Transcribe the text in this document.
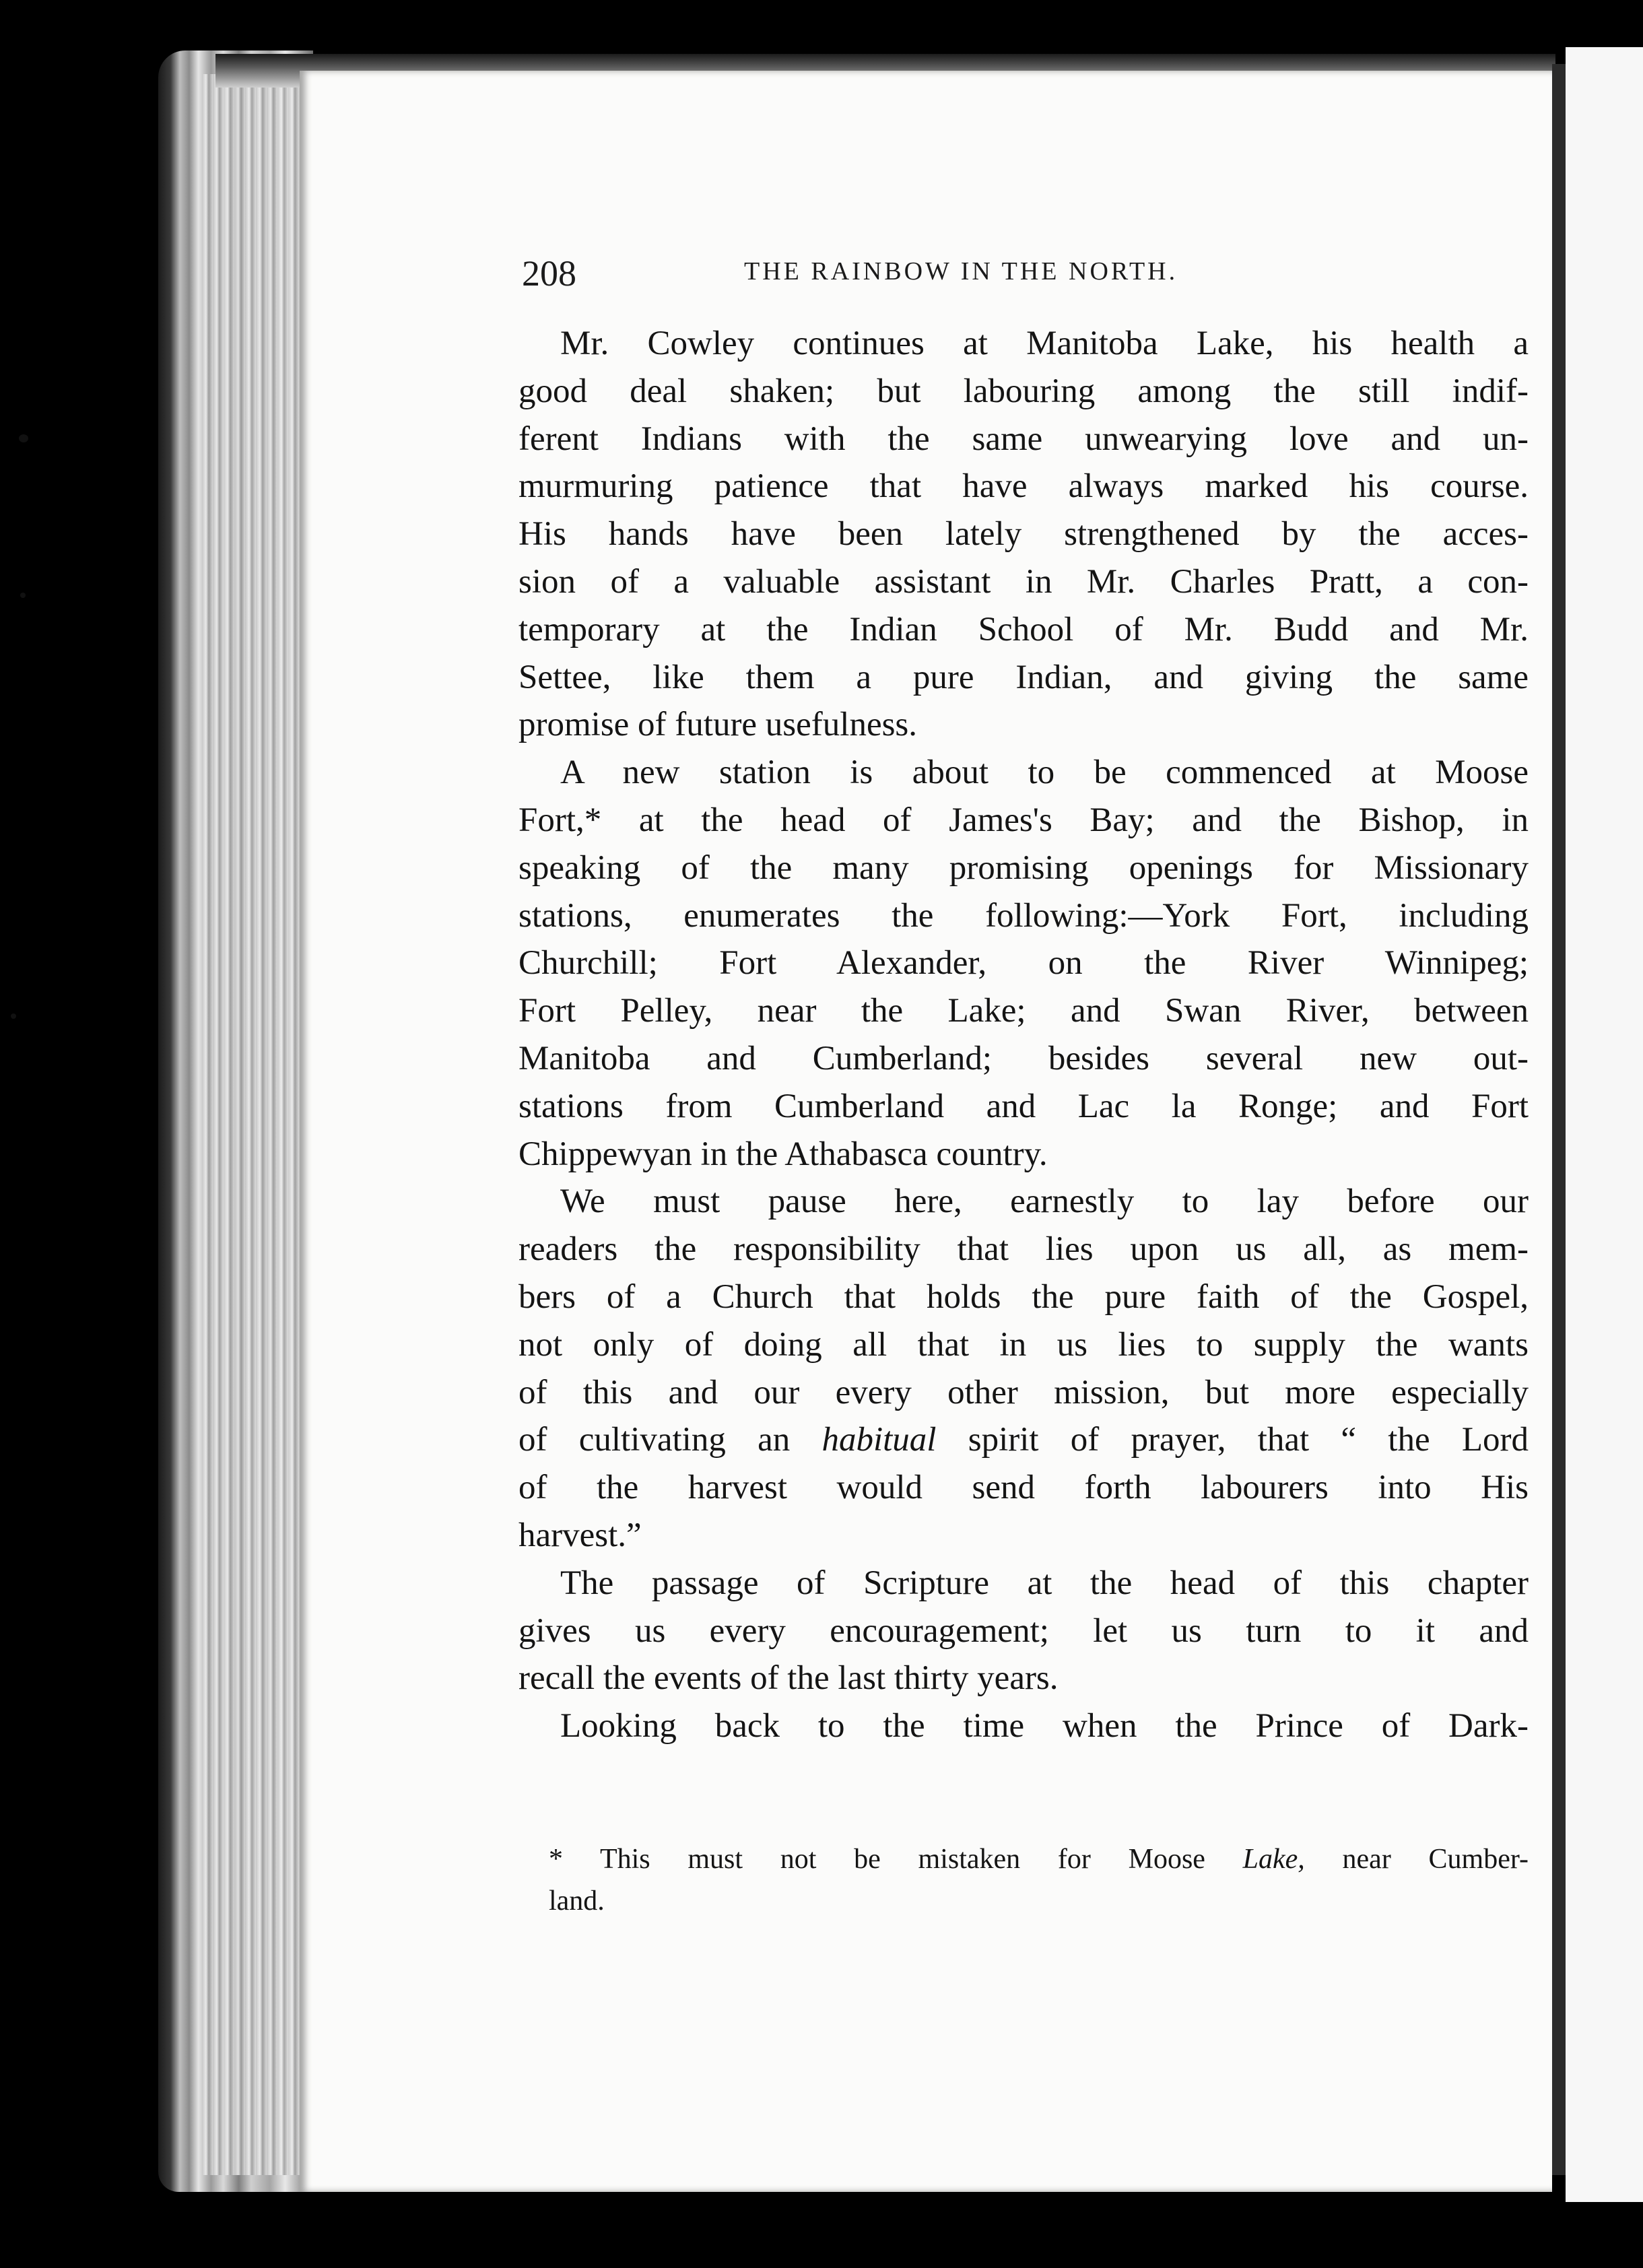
208	THE RAINBOW IN THE NORTH.

Mr. Cowley continues at Manitoba Lake, his health a
good deal shaken; but labouring among the still indif-
ferent Indians with the same unwearying love and un-
murmuring patience that have always marked his course.
His hands have been lately strengthened by the acces-
sion of a valuable assistant in Mr. Charles Pratt, a con-
temporary at the Indian School of Mr. Budd and Mr.
Settee, like them a pure Indian, and giving the same
promise of future usefulness.

A new station is about to be commenced at Moose
Fort,* at the head of James's Bay; and the Bishop, in
speaking of the many promising openings for Missionary
stations, enumerates the following:—York Fort, including
Churchill; Fort Alexander, on the River Winnipeg;
Fort Pelley, near the Lake; and Swan River, between
Manitoba and Cumberland; besides several new out-
stations from Cumberland and Lac la Ronge; and Fort
Chippewyan in the Athabasca country.

We must pause here, earnestly to lay before our
readers the responsibility that lies upon us all, as mem-
bers of a Church that holds the pure faith of the Gospel,
not only of doing all that in us lies to supply the wants
of this and our every other mission, but more especially
of cultivating an habitual spirit of prayer, that “ the Lord
of the harvest would send forth labourers into His
harvest.”

The passage of Scripture at the head of this chapter
gives us every encouragement; let us turn to it and
recall the events of the last thirty years.

Looking back to the time when the Prince of Dark-

* This must not be mistaken for Moose Lake, near Cumber-
land.
